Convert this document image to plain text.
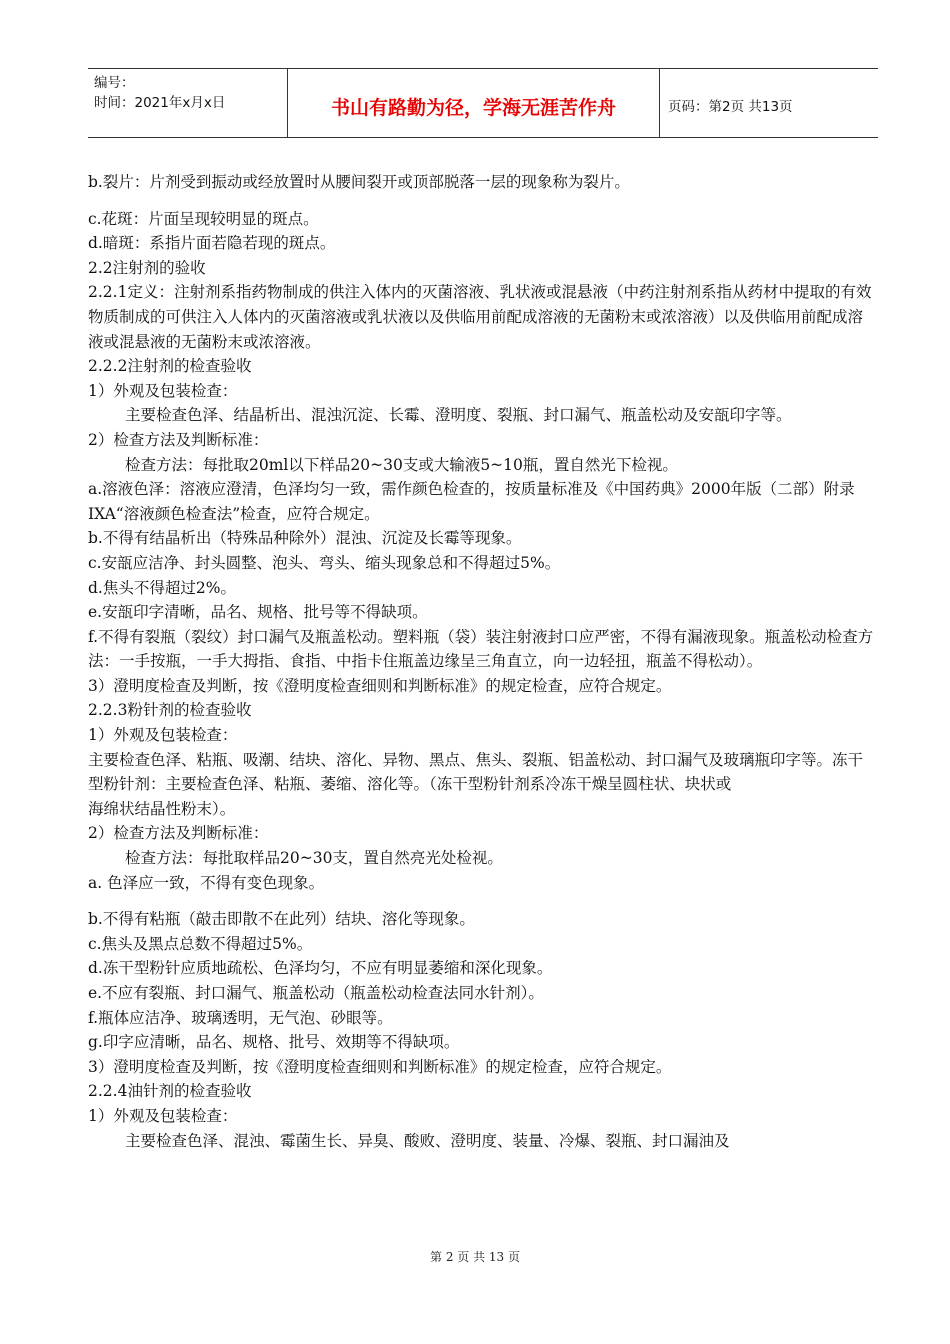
编号：
时间：2021年x月x日	书山有路勤为径，学海无涯苦作舟	页码：第2页 共13页

b.裂片：片剂受到振动或经放置时从腰间裂开或顶部脱落一层的现象称为裂片。

c.花斑：片面呈现较明显的斑点。

d.暗斑：系指片面若隐若现的斑点。

2.2注射剂的验收

2.2.1定义：注射剂系指药物制成的供注入体内的灭菌溶液、乳状液或混悬液（中药注射剂系指从药材中提取的有效物质制成的可供注入人体内的灭菌溶液或乳状液以及供临用前配成溶液的无菌粉末或浓溶液）以及供临用前配成溶液或混悬液的无菌粉末或浓溶液。

2.2.2注射剂的检查验收

1）外观及包装检查：

主要检查色泽、结晶析出、混浊沉淀、长霉、澄明度、裂瓶、封口漏气、瓶盖松动及安瓿印字等。

2）检查方法及判断标准：

检查方法：每批取20ml以下样品20~30支或大输液5~10瓶，置自然光下检视。

a.溶液色泽：溶液应澄清，色泽均匀一致，需作颜色检查的，按质量标准及《中国药典》2000年版（二部）附录IXA“溶液颜色检查法”检查，应符合规定。

b.不得有结晶析出（特殊品种除外）混浊、沉淀及长霉等现象。

c.安瓿应洁净、封头圆整、泡头、弯头、缩头现象总和不得超过5%。

d.焦头不得超过2%。

e.安瓿印字清晰，品名、规格、批号等不得缺项。

f.不得有裂瓶（裂纹）封口漏气及瓶盖松动。塑料瓶（袋）装注射液封口应严密，不得有漏液现象。瓶盖松动检查方法：一手按瓶，一手大拇指、食指、中指卡住瓶盖边缘呈三角直立，向一边轻扭，瓶盖不得松动）。

3）澄明度检查及判断，按《澄明度检查细则和判断标准》的规定检查，应符合规定。

2.2.3粉针剂的检查验收

1）外观及包装检查：

主要检查色泽、粘瓶、吸潮、结块、溶化、异物、黑点、焦头、裂瓶、铝盖松动、封口漏气及玻璃瓶印字等。冻干型粉针剂：主要检查色泽、粘瓶、萎缩、溶化等。（冻干型粉针剂系冷冻干燥呈圆柱状、块状或

海绵状结晶性粉末）。

2）检查方法及判断标准：

检查方法：每批取样品20~30支，置自然亮光处检视。

a. 色泽应一致，不得有变色现象。

b.不得有粘瓶（敲击即散不在此列）结块、溶化等现象。

c.焦头及黑点总数不得超过5%。

d.冻干型粉针应质地疏松、色泽均匀，不应有明显萎缩和深化现象。

e.不应有裂瓶、封口漏气、瓶盖松动（瓶盖松动检查法同水针剂）。

f.瓶体应洁净、玻璃透明，无气泡、砂眼等。

g.印字应清晰，品名、规格、批号、效期等不得缺项。

3）澄明度检查及判断，按《澄明度检查细则和判断标准》的规定检查，应符合规定。

2.2.4油针剂的检查验收

1）外观及包装检查：

主要检查色泽、混浊、霉菌生长、异臭、酸败、澄明度、装量、冷爆、裂瓶、封口漏油及

第 2 页 共 13 页
